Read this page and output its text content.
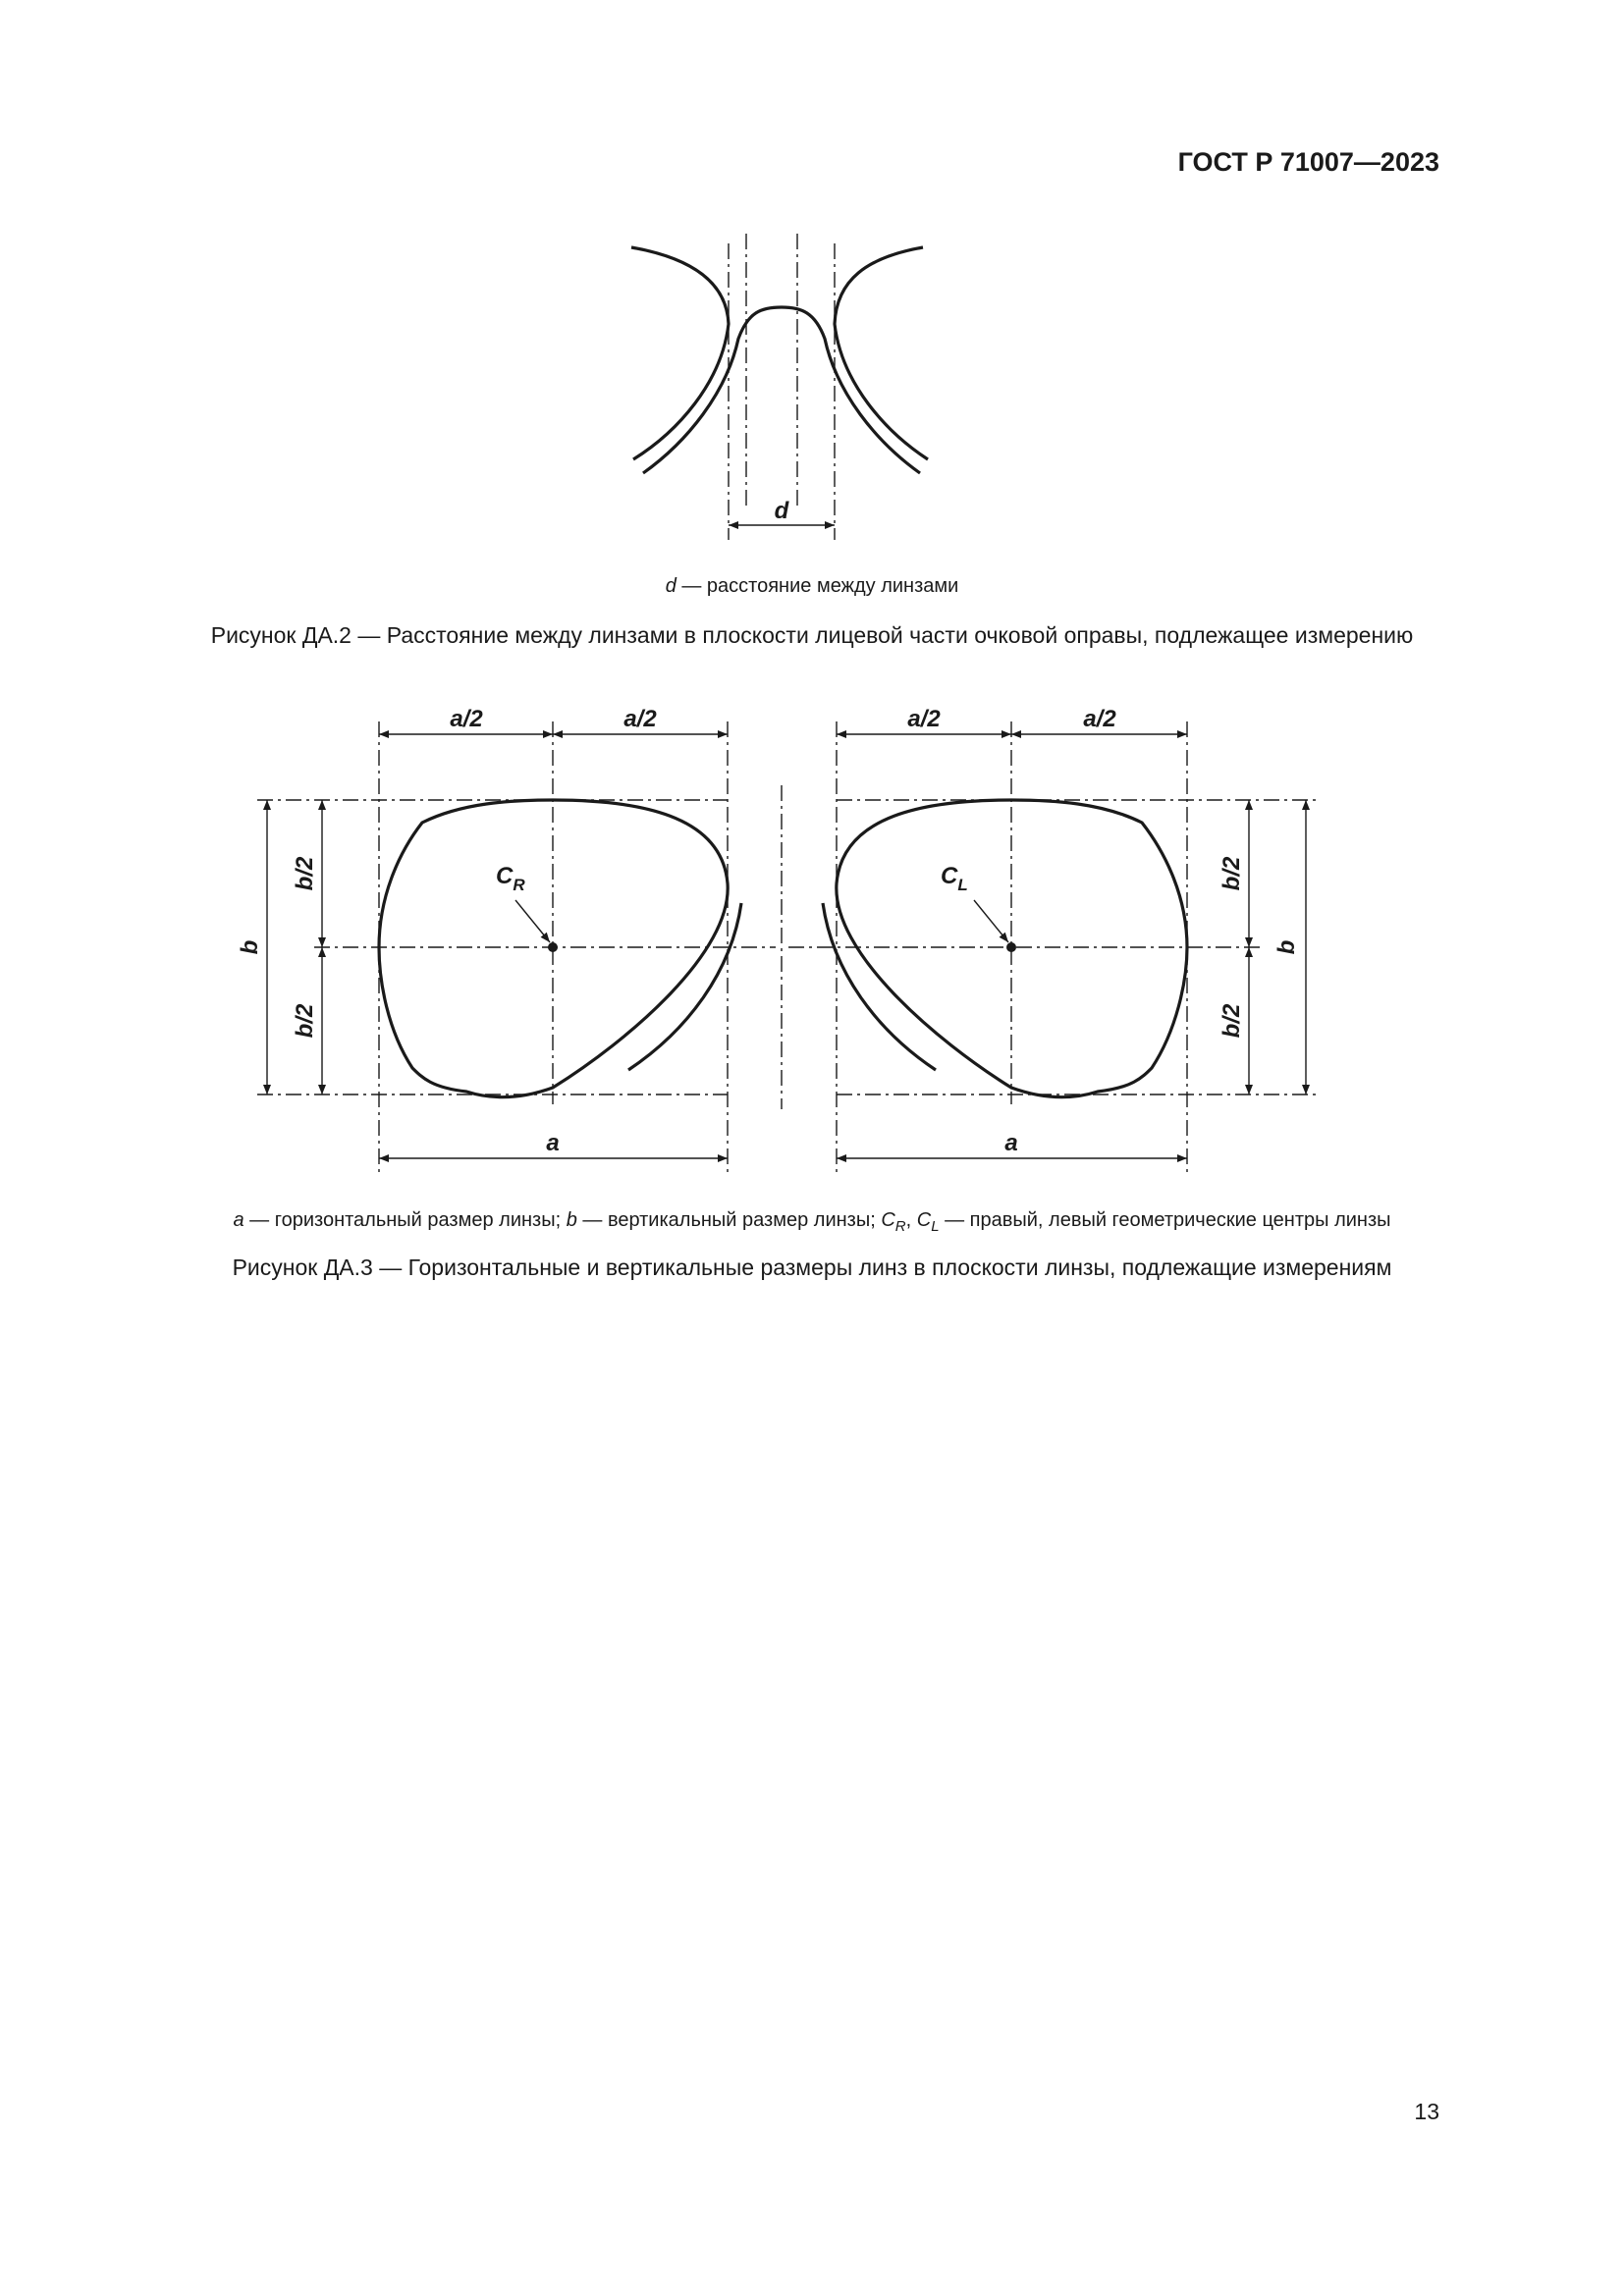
ГОСТ Р 71007—2023
d
d — расстояние между линзами
Рисунок ДА.2 — Расстояние между линзами в плоскости лицевой части очковой оправы, подлежащее измерению
$C_R$
a/2	a/2
a
b
b/2
b/2
$C_L$
a/2	a/2
a
b
b/2
b/2
a — горизонтальный размер линзы; b — вертикальный размер линзы; $C_R$, $C_L$ — правый, левый геометрические центры линзы
Рисунок ДА.3 — Горизонтальные и вертикальные размеры линз в плоскости линзы, подлежащие измерениям
13
